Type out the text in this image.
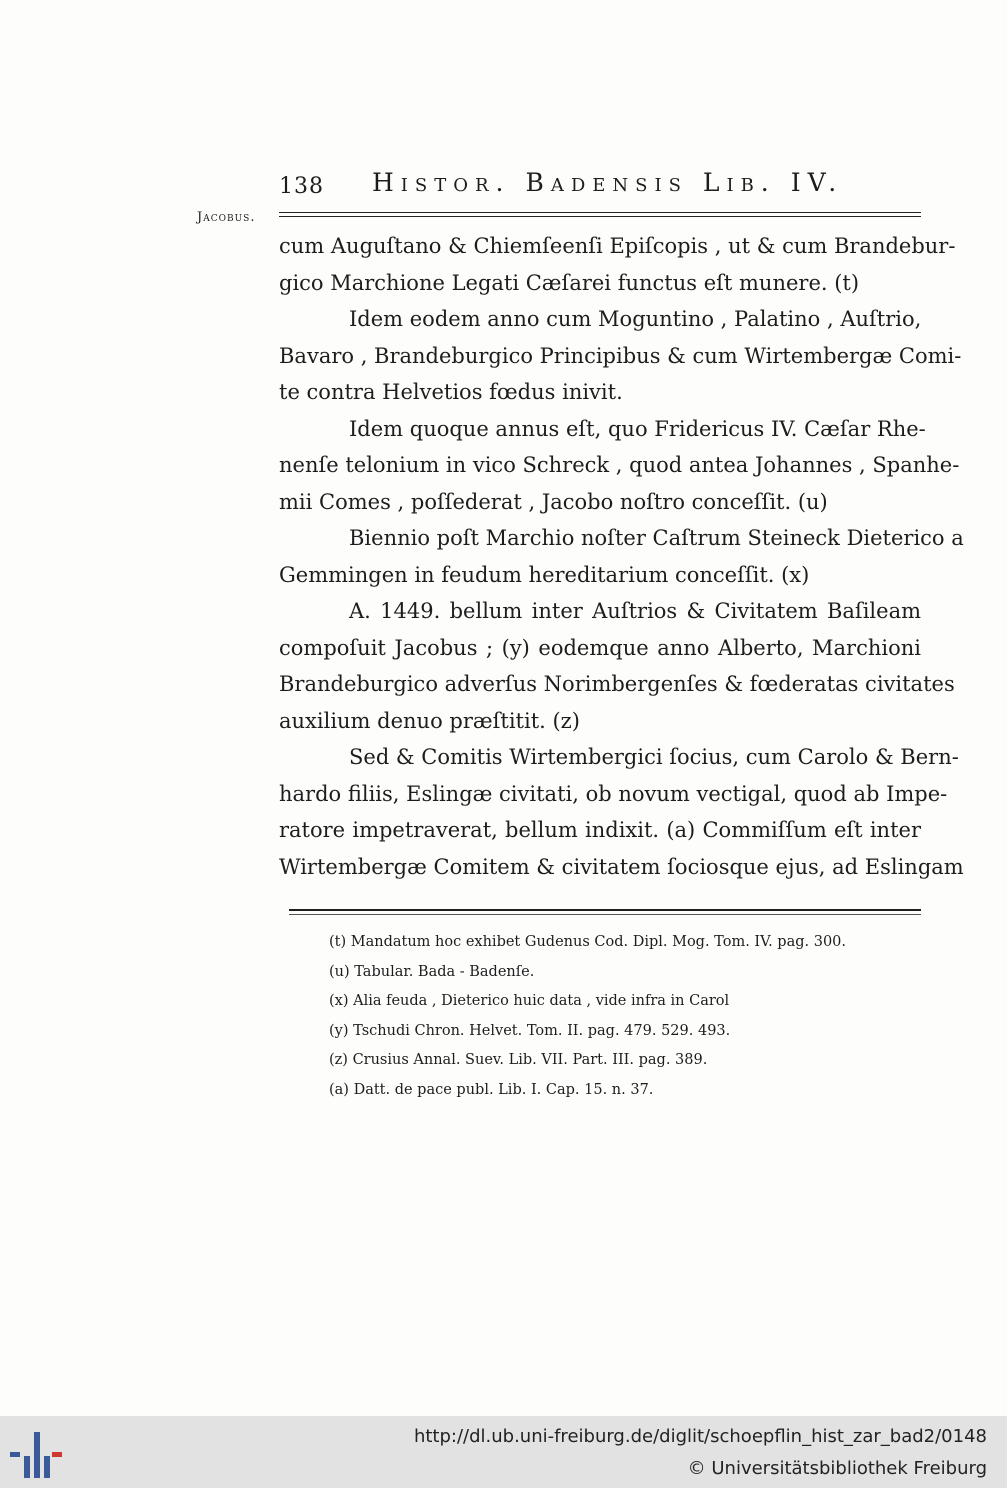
138 Histor. Badensis Lib. IV.
Jacobus.
cum Auguſtano & Chiemſeenſi Epiſcopis , ut & cum Brandebur-
gico Marchione Legati Cæſarei functus eſt munere. (t)
Idem eodem anno cum Moguntino , Palatino , Auſtrio,
Bavaro , Brandeburgico Principibus & cum Wirtembergæ Comi-
te contra Helvetios fœdus inivit.
Idem quoque annus eſt, quo Fridericus IV. Cæſar Rhe-
nenſe telonium in vico Schreck , quod antea Johannes , Spanhe-
mii Comes , poſſederat , Jacobo noſtro conceſſit. (u)
Biennio poſt Marchio noſter Caſtrum Steineck Dieterico a
Gemmingen in feudum hereditarium conceſſit. (x)
A. 1449. bellum inter Auſtrios & Civitatem Baſileam
compoſuit Jacobus ; (y) eodemque anno Alberto, Marchioni
Brandeburgico adverſus Norimbergenſes & fœderatas civitates
auxilium denuo præſtitit. (z)
Sed & Comitis Wirtembergici ſocius, cum Carolo & Bern-
hardo filiis, Eslingæ civitati, ob novum vectigal, quod ab Impe-
ratore impetraverat, bellum indixit. (a) Commiſſum eſt inter
Wirtembergæ Comitem & civitatem ſociosque ejus, ad Eslingam
(t) Mandatum hoc exhibet Gudenus Cod. Dipl. Mog. Tom. IV. pag. 300.
(u) Tabular. Bada - Badenſe.
(x) Alia feuda , Dieterico huic data , vide infra in Carol
(y) Tschudi Chron. Helvet. Tom. II. pag. 479. 529. 493.
(z) Crusius Annal. Suev. Lib. VII. Part. III. pag. 389.
(a) Datt. de pace publ. Lib. I. Cap. 15. n. 37.
http://dl.ub.uni-freiburg.de/diglit/schoepflin_hist_zar_bad2/0148
© Universitätsbibliothek Freiburg
